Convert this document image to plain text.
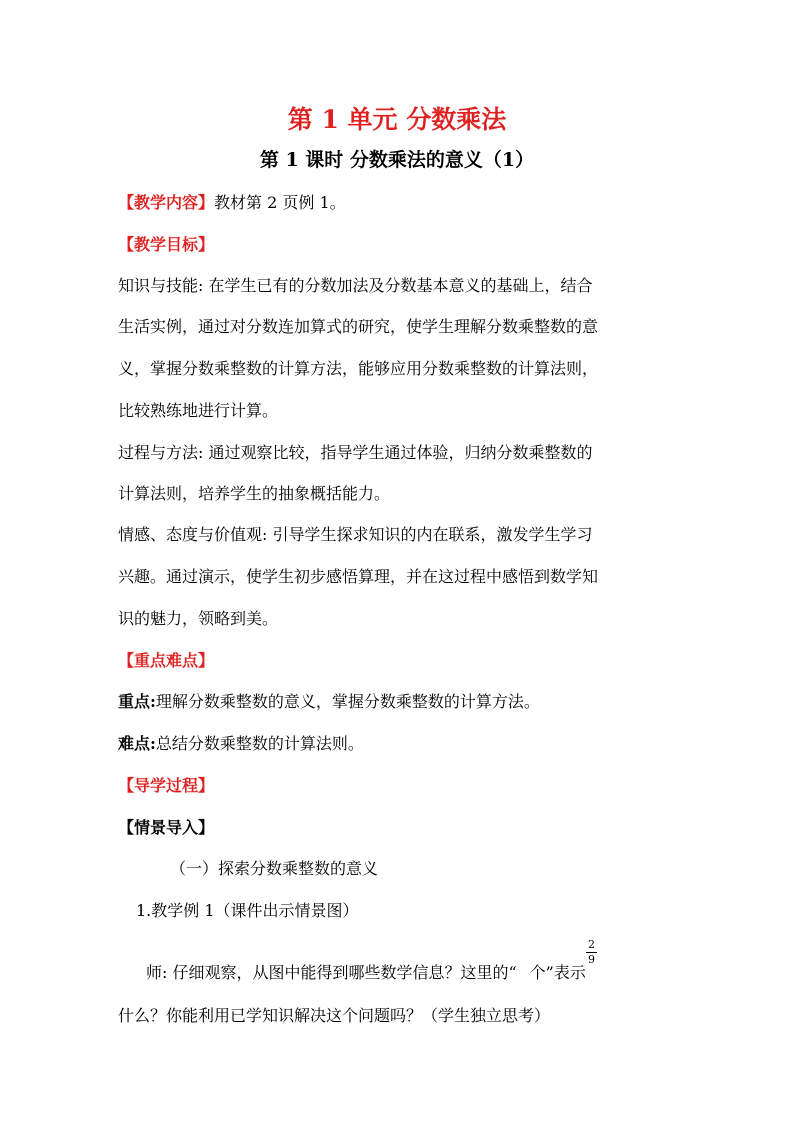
第 1 单元 分数乘法
第 1 课时 分数乘法的意义（1）
【教学内容】教材第 2 页例 1。
【教学目标】
知识与技能: 在学生已有的分数加法及分数基本意义的基础上，结合
生活实例，通过对分数连加算式的研究，使学生理解分数乘整数的意
义，掌握分数乘整数的计算方法，能够应用分数乘整数的计算法则，
比较熟练地进行计算。
过程与方法: 通过观察比较，指导学生通过体验，归纳分数乘整数的
计算法则，培养学生的抽象概括能力。
情感、态度与价值观: 引导学生探求知识的内在联系，激发学生学习
兴趣。通过演示，使学生初步感悟算理，并在这过程中感悟到数学知
识的魅力，领略到美。
【重点难点】
重点:理解分数乘整数的意义，掌握分数乘整数的计算方法。
难点:总结分数乘整数的计算法则。
【导学过程】
【情景导入】
（一）探索分数乘整数的意义
1.教学例 1（课件出示情景图）
师: 仔细观察，从图中能得到哪些数学信息？这里的“ 个”表示
2
9
什么？你能利用已学知识解决这个问题吗？（学生独立思考）
